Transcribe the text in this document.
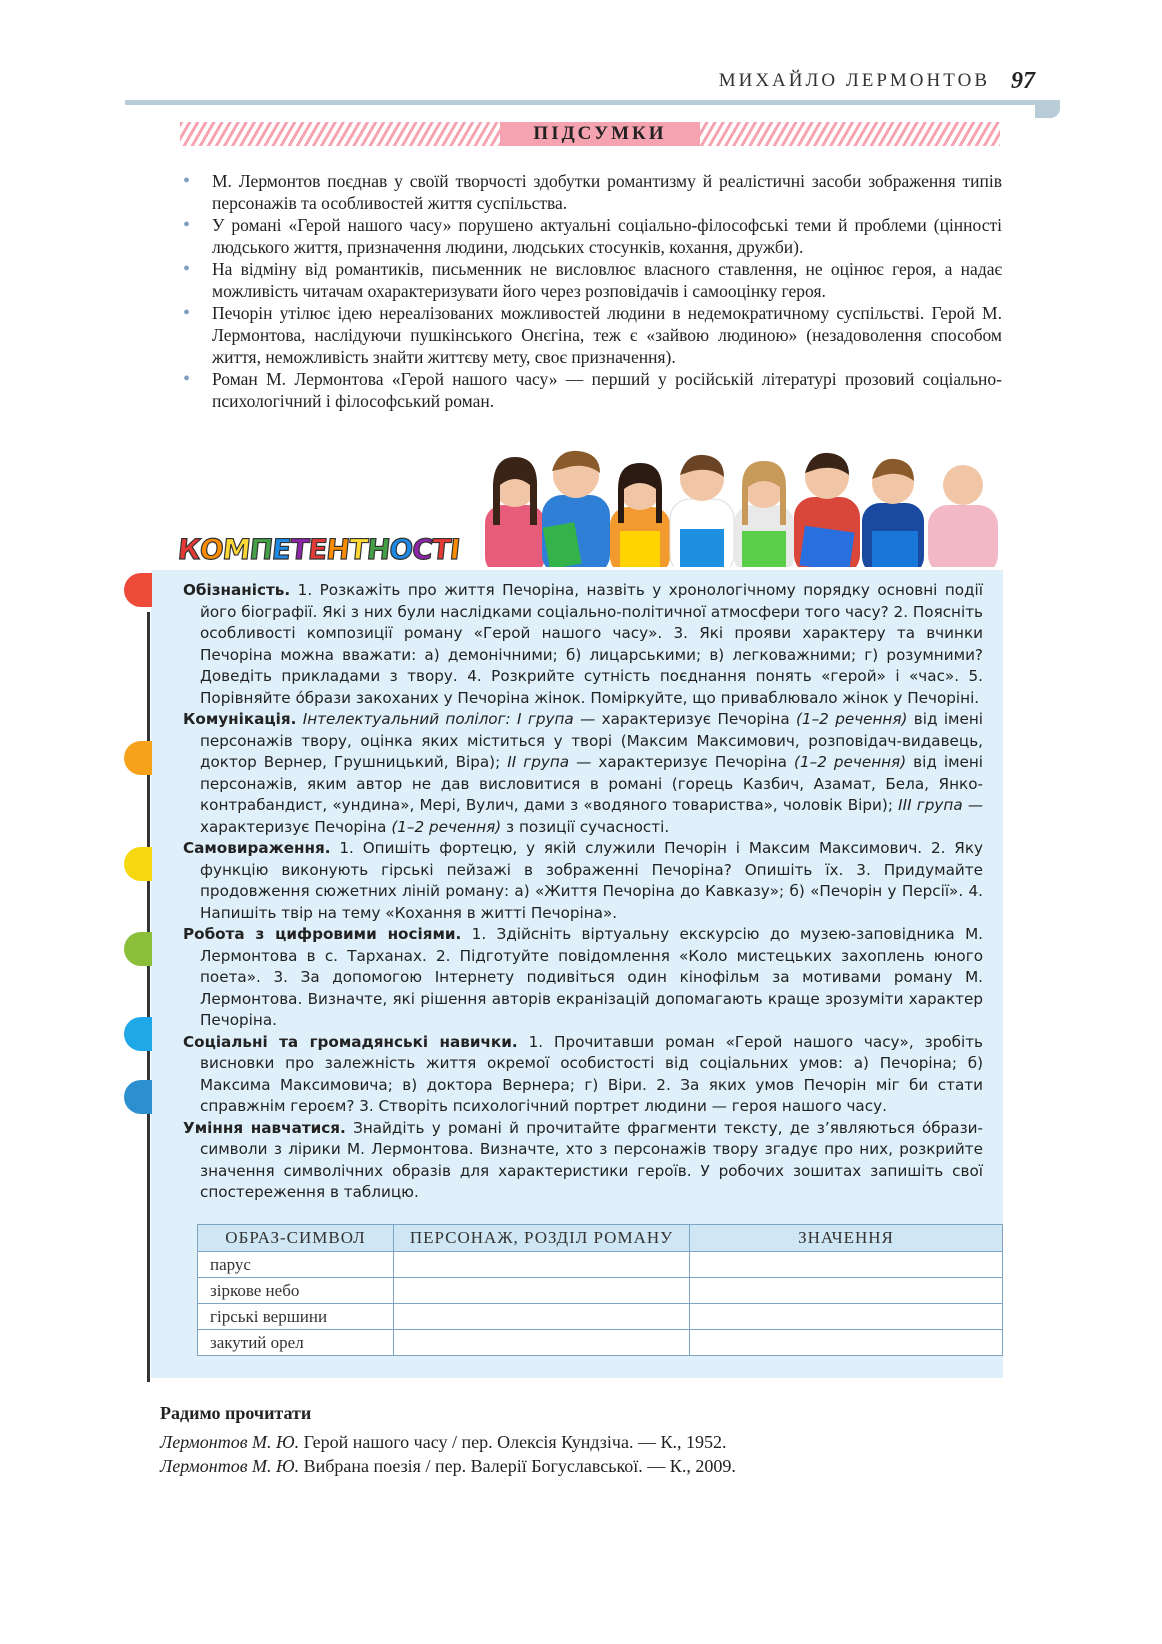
МИХАЙЛО ЛЕРМОНТОВ 97
ПІДСУМКИ
• М. Лермонтов поєднав у своїй творчості здобутки романтизму й реалістичні засоби зображення типів персонажів та особливостей життя суспільства.
• У романі «Герой нашого часу» порушено актуальні соціально-філософські теми й проблеми (цінності людського життя, призначення людини, людських стосунків, кохання, дружби).
• На відміну від романтиків, письменник не висловлює власного ставлення, не оцінює героя, а надає можливість читачам охарактеризувати його через розповідачів і самооцінку героя.
• Печорін утілює ідею нереалізованих можливостей людини в недемократичному суспільстві. Герой М. Лермонтова, наслідуючи пушкінського Онєгіна, теж є «зайвою людиною» (незадоволення способом життя, неможливість знайти життєву мету, своє призначення).
• Роман М. Лермонтова «Герой нашого часу» — перший у російській літературі прозовий соціально-психологічний і філософський роман.
КОМПЕТЕНТНОСТІ

Обізнаність. 1. Розкажіть про життя Печоріна, назвіть у хронологічному порядку основні події його біографії. Які з них були наслідками соціально-політичної атмосфери того часу? 2. Поясніть особливості композиції роману «Герой нашого часу». 3. Які прояви характеру та вчинки Печоріна можна вважати: а) демонічними; б) лицарськими; в) легковажними; г) розумними? Доведіть прикладами з твору. 4. Розкрийте сутність поєднання понять «герой» і «час». 5. Порівняйте óбрази закоханих у Печоріна жінок. Поміркуйте, що приваблювало жінок у Печоріні.

Комунікація. Інтелектуальний полілог: І група — характеризує Печоріна (1–2 речення) від імені персонажів твору, оцінка яких міститься у творі (Максим Максимович, розповідач-видавець, доктор Вернер, Грушницький, Віра); ІІ група — характеризує Печоріна (1–2 речення) від імені персонажів, яким автор не дав висловитися в романі (горець Казбич, Азамат, Бела, Янко-контрабандист, «ундина», Мері, Вулич, дами з «водяного товариства», чоловік Віри); ІІІ група — характеризує Печоріна (1–2 речення) з позиції сучасності.

Самовираження. 1. Опишіть фортецю, у якій служили Печорін і Максим Максимович. 2. Яку функцію виконують гірські пейзажі в зображенні Печоріна? Опишіть їх. 3. Придумайте продовження сюжетних ліній роману: а) «Життя Печоріна до Кавказу»; б) «Печорін у Персії». 4. Напишіть твір на тему «Кохання в житті Печоріна».

Робота з цифровими носіями. 1. Здійсніть віртуальну екскурсію до музею-заповідника М. Лермонтова в с. Тарханах. 2. Підготуйте повідомлення «Коло мистецьких захоплень юного поета». 3. За допомогою Інтернету подивіться один кінофільм за мотивами роману М. Лермонтова. Визначте, які рішення авторів екранізацій допомагають краще зрозуміти характер Печоріна.

Соціальні та громадянські навички. 1. Прочитавши роман «Герой нашого часу», зробіть висновки про залежність життя окремої особистості від соціальних умов: а) Печоріна; б) Максима Максимовича; в) доктора Вернера; г) Віри. 2. За яких умов Печорін міг би стати справжнім героєм? 3. Створіть психологічний портрет людини — героя нашого часу.

Уміння навчатися. Знайдіть у романі й прочитайте фрагменти тексту, де з’являються óбрази-символи з лірики М. Лермонтова. Визначте, хто з персонажів твору згадує про них, розкрийте значення символічних образів для характеристики героїв. У робочих зошитах запишіть свої спостереження в таблицю.

ОБРАЗ-СИМВОЛ	ПЕРСОНАЖ, РОЗДІЛ РОМАНУ	ЗНАЧЕННЯ
парус		
зіркове небо		
гірські вершини		
закутий орел		
Радимо прочитати
Лермонтов М. Ю. Герой нашого часу / пер. Олексія Кундзіча. — К., 1952.
Лермонтов М. Ю. Вибрана поезія / пер. Валерії Богуславської. — К., 2009.
